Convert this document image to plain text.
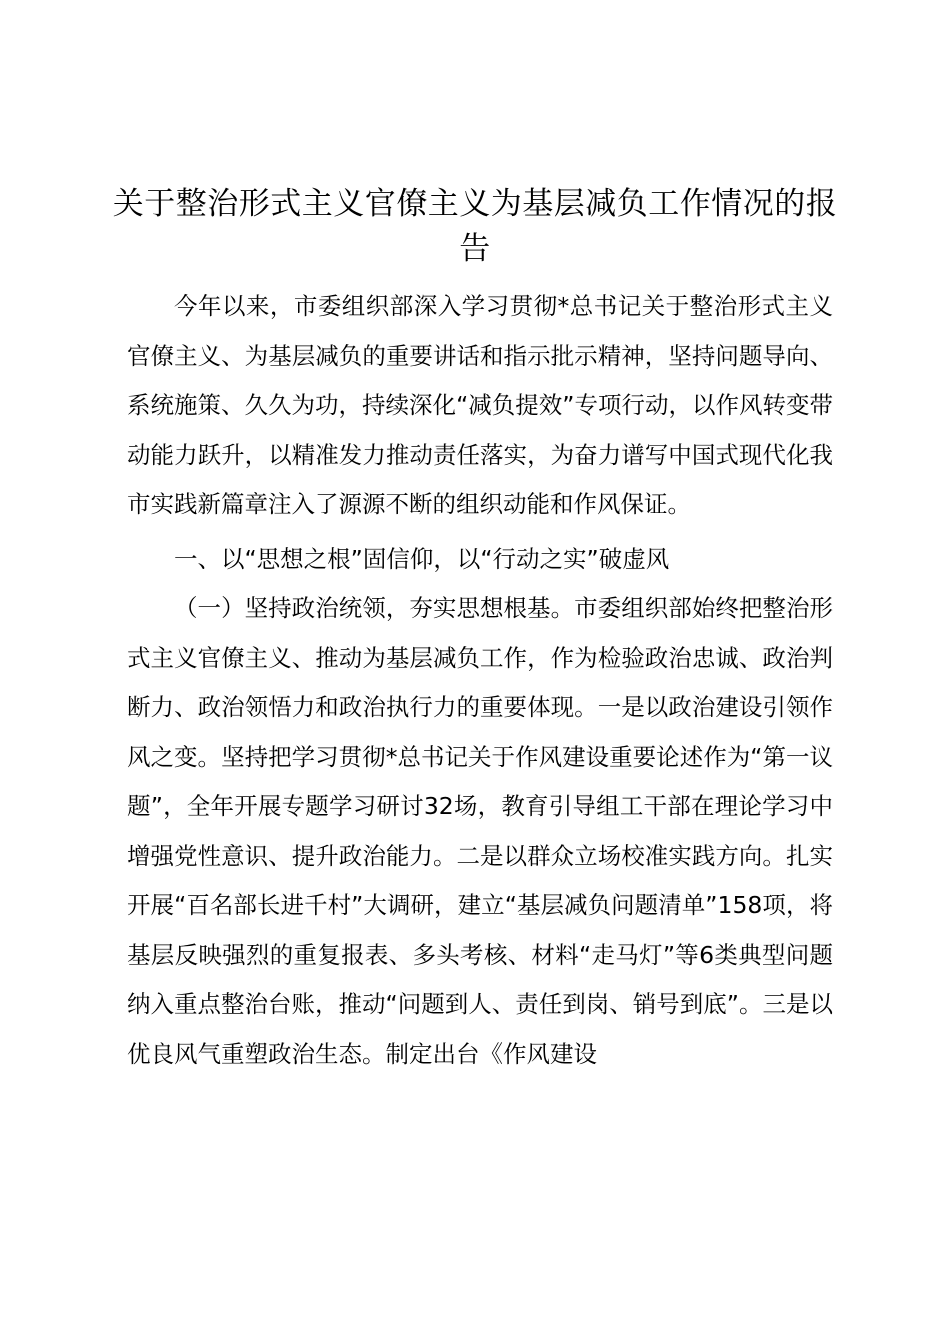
关于整治形式主义官僚主义为基层减负工作情况的报告

今年以来，市委组织部深入学习贯彻*总书记关于整治形式主义官僚主义、为基层减负的重要讲话和指示批示精神，坚持问题导向、系统施策、久久为功，持续深化“减负提效”专项行动，以作风转变带动能力跃升，以精准发力推动责任落实，为奋力谱写中国式现代化我市实践新篇章注入了源源不断的组织动能和作风保证。

一、以“思想之根”固信仰，以“行动之实”破虚风

（一）坚持政治统领，夯实思想根基。市委组织部始终把整治形式主义官僚主义、推动为基层减负工作，作为检验政治忠诚、政治判断力、政治领悟力和政治执行力的重要体现。一是以政治建设引领作风之变。坚持把学习贯彻*总书记关于作风建设重要论述作为“第一议题”，全年开展专题学习研讨32场，教育引导组工干部在理论学习中增强党性意识、提升政治能力。二是以群众立场校准实践方向。扎实开展“百名部长进千村”大调研，建立“基层减负问题清单”158项，将基层反映强烈的重复报表、多头考核、材料“走马灯”等6类典型问题纳入重点整治台账，推动“问题到人、责任到岗、销号到底”。三是以优良风气重塑政治生态。制定出台《作风建设
